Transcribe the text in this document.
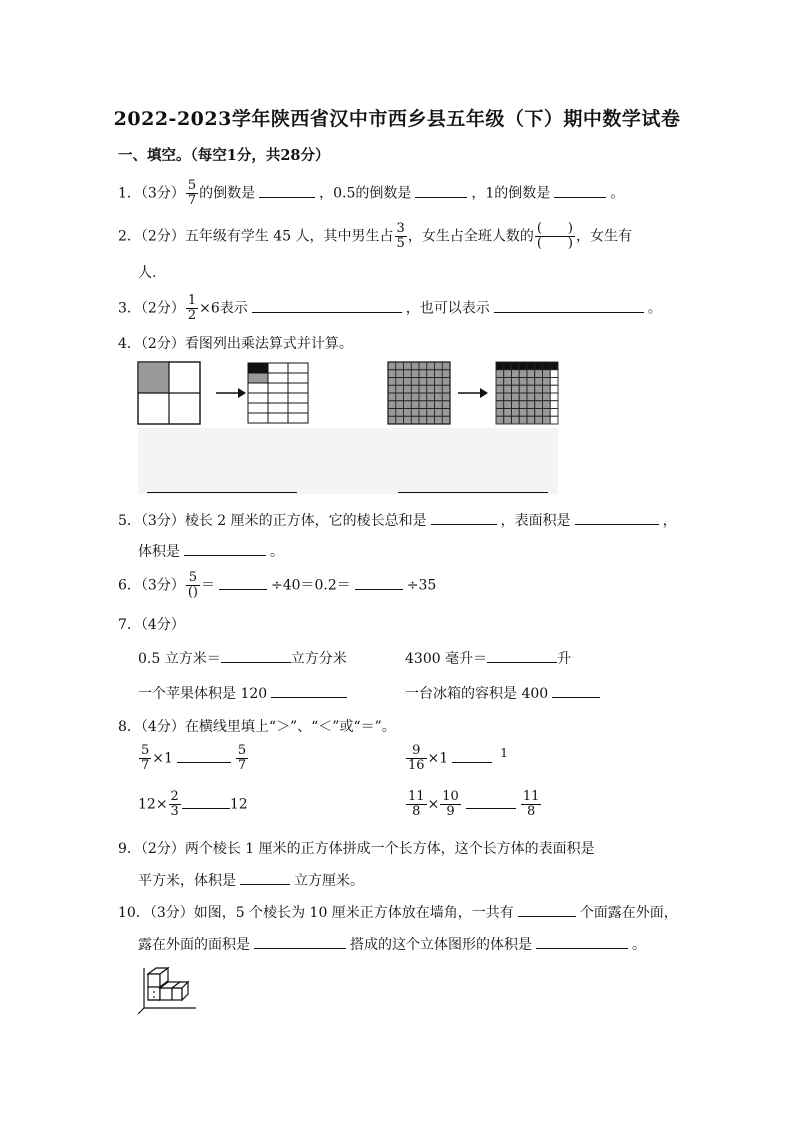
2022-2023学年陕西省汉中市西乡县五年级（下）期中数学试卷
一、填空。（每空1分，共28分）
1．（3分） $\frac{5}{7}$ 的倒数是	，0.5的倒数是	，1的倒数是	。
2．（2分）五年级有学生 45 人，其中男生占 $\frac{3}{5}$ ，女生占全班人数的 $\frac{( )}{( )}$ ，女生有
人.
3．（2分） $\frac{1}{2} \times 6$表示	，也可以表示	。
4．（2分）看图列出乘法算式并计算。
5．（3分）棱长 2 厘米的正方体，它的棱长总和是	，表面积是	，
体积是	。
6．（3分） $\frac{5}{()}$ ＝	÷40＝0.2＝	÷35
7．（4分）
0.5 立方米＝	立方分米	4300 毫升＝	升
一个苹果体积是 120	一台冰箱的容积是 400
8．（4分）在横线里填上“＞”、“＜”或“＝”。
$\frac{5}{7} \times 1$	$\frac{5}{7}$	$\frac{9}{16} \times 1$	1
$12\times \frac{2}{3}$	12	$\frac{11}{8} \times \frac{10}{9}$	$\frac{11}{8}$
9．（2分）两个棱长 1 厘米的正方体拼成一个长方体，这个长方体的表面积是
平方米，体积是	立方厘米。
10．（3分）如图，5 个棱长为 10 厘米正方体放在墙角，一共有	个面露在外面，
露在外面的面积是	搭成的这个立体图形的体积是	。
